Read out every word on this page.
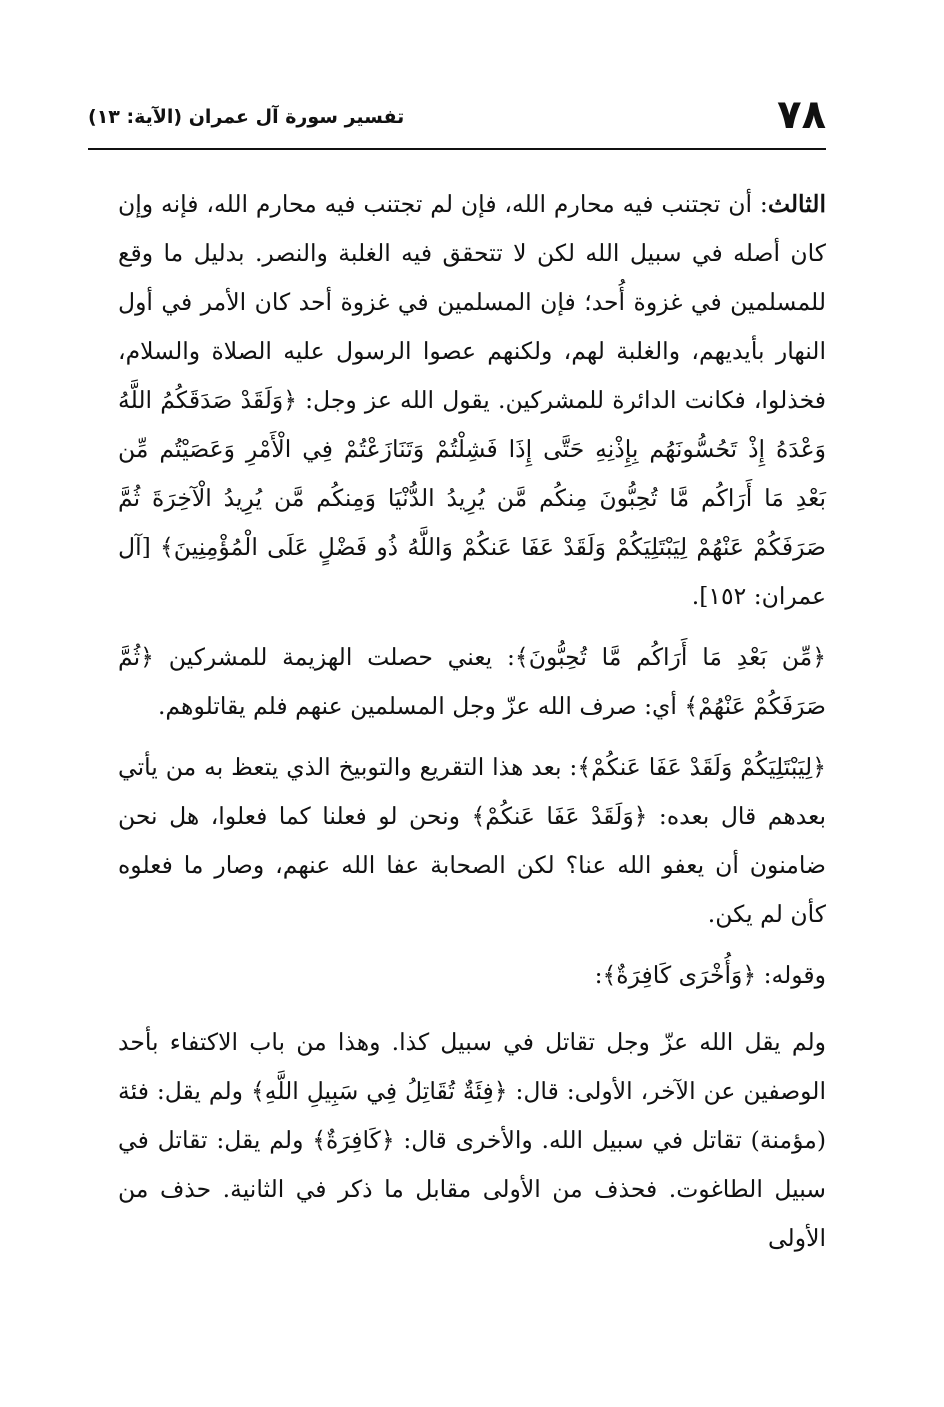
٧٨
تفسير سورة آل عمران (الآية: ١٣)

الثالث: أن تجتنب فيه محارم الله، فإن لم تجتنب فيه محارم الله، فإنه وإن كان أصله في سبيل الله لكن لا تتحقق فيه الغلبة والنصر. بدليل ما وقع للمسلمين في غزوة أُحد؛ فإن المسلمين في غزوة أحد كان الأمر في أول النهار بأيديهم، والغلبة لهم، ولكنهم عصوا الرسول عليه الصلاة والسلام، فخذلوا، فكانت الدائرة للمشركين. يقول الله عز وجل: ﴿وَلَقَدْ صَدَقَكُمُ اللَّهُ وَعْدَهُ إِذْ تَحُسُّونَهُم بِإِذْنِهِ حَتَّى إِذَا فَشِلْتُمْ وَتَنَازَعْتُمْ فِي الْأَمْرِ وَعَصَيْتُم مِّن بَعْدِ مَا أَرَاكُم مَّا تُحِبُّونَ مِنكُم مَّن يُرِيدُ الدُّنْيَا وَمِنكُم مَّن يُرِيدُ الْآخِرَةَ ثُمَّ صَرَفَكُمْ عَنْهُمْ لِيَبْتَلِيَكُمْ وَلَقَدْ عَفَا عَنكُمْ وَاللَّهُ ذُو فَضْلٍ عَلَى الْمُؤْمِنِينَ﴾ [آل عمران: ١٥٢].

﴿مِّن بَعْدِ مَا أَرَاكُم مَّا تُحِبُّونَ﴾: يعني حصلت الهزيمة للمشركين ﴿ثُمَّ صَرَفَكُمْ عَنْهُمْ﴾ أي: صرف الله عزّ وجل المسلمين عنهم فلم يقاتلوهم.

﴿لِيَبْتَلِيَكُمْ وَلَقَدْ عَفَا عَنكُمْ﴾: بعد هذا التقريع والتوبيخ الذي يتعظ به من يأتي بعدهم قال بعده: ﴿وَلَقَدْ عَفَا عَنكُمْ﴾ ونحن لو فعلنا كما فعلوا، هل نحن ضامنون أن يعفو الله عنا؟ لكن الصحابة عفا الله عنهم، وصار ما فعلوه كأن لم يكن.

وقوله: ﴿وَأُخْرَى كَافِرَةٌ﴾:

ولم يقل الله عزّ وجل تقاتل في سبيل كذا. وهذا من باب الاكتفاء بأحد الوصفين عن الآخر، الأولى: قال: ﴿فِئَةٌ تُقَاتِلُ فِي سَبِيلِ اللَّهِ﴾ ولم يقل: فئة (مؤمنة) تقاتل في سبيل الله. والأخرى قال: ﴿كَافِرَةٌ﴾ ولم يقل: تقاتل في سبيل الطاغوت. فحذف من الأولى مقابل ما ذكر في الثانية. حذف من الأولى
